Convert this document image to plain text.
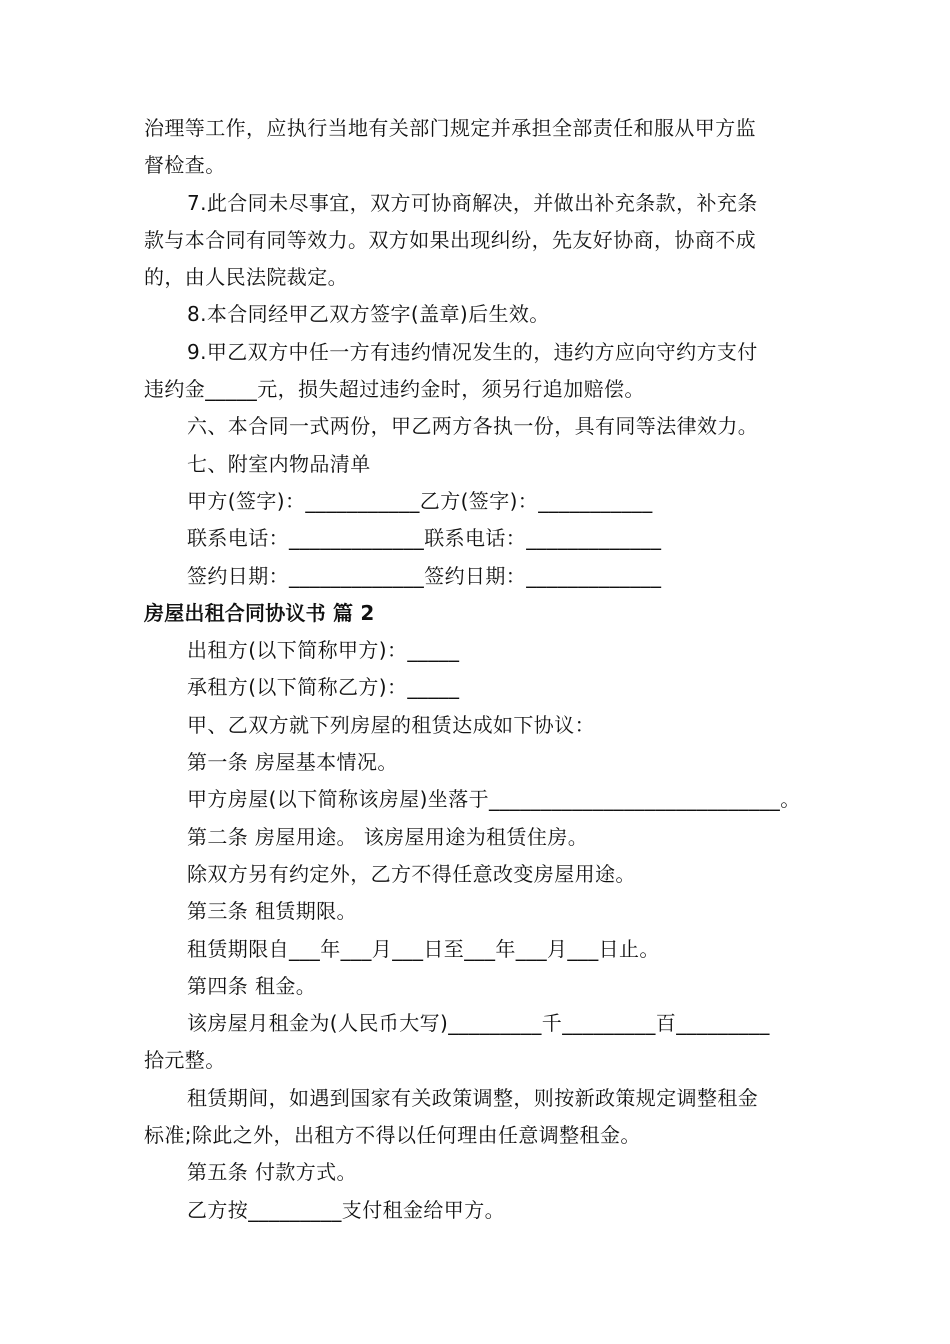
治理等工作，应执行当地有关部门规定并承担全部责任和服从甲方监
督检查。
7.此合同未尽事宜，双方可协商解决，并做出补充条款，补充条
款与本合同有同等效力。双方如果出现纠纷，先友好协商，协商不成
的，由人民法院裁定。
8.本合同经甲乙双方签字(盖章)后生效。
9.甲乙双方中任一方有违约情况发生的，违约方应向守约方支付
违约金_____元，损失超过违约金时，须另行追加赔偿。
六、本合同一式两份，甲乙两方各执一份，具有同等法律效力。
七、附室内物品清单
甲方(签字)：___________乙方(签字)：___________
联系电话：_____________联系电话：_____________
签约日期：_____________签约日期：_____________
房屋出租合同协议书 篇 2
出租方(以下简称甲方)：_____
承租方(以下简称乙方)：_____
甲、乙双方就下列房屋的租赁达成如下协议：
第一条 房屋基本情况。
甲方房屋(以下简称该房屋)坐落于____________________________。
第二条 房屋用途。 该房屋用途为租赁住房。
除双方另有约定外，乙方不得任意改变房屋用途。
第三条 租赁期限。
租赁期限自___年___月___日至___年___月___日止。
第四条 租金。
该房屋月租金为(人民币大写)_________千_________百_________
拾元整。
租赁期间，如遇到国家有关政策调整，则按新政策规定调整租金
标准;除此之外，出租方不得以任何理由任意调整租金。
第五条 付款方式。
乙方按_________支付租金给甲方。
